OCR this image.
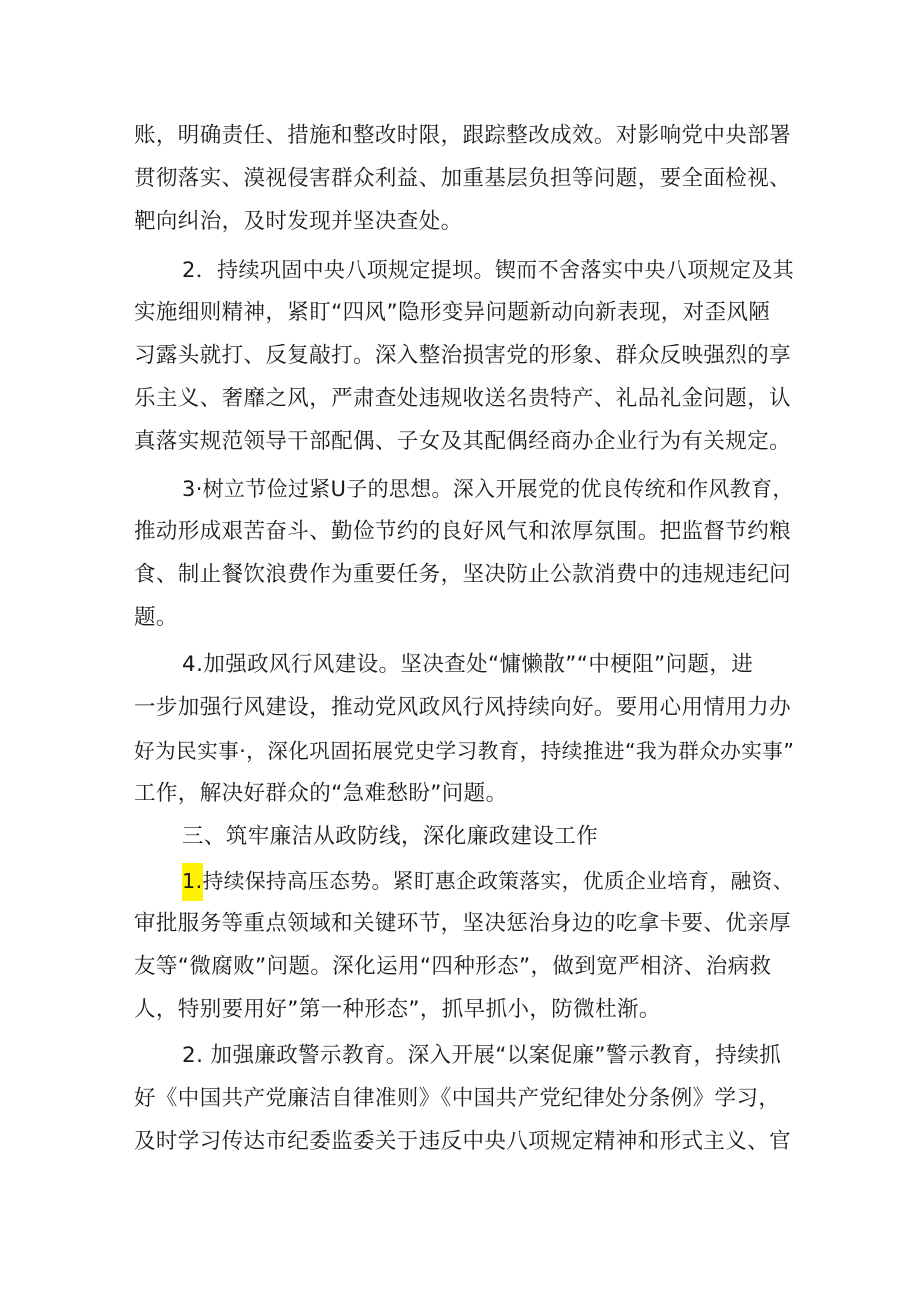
账，明确责任、措施和整改时限，跟踪整改成效。对影响党中央部署
贯彻落实、漠视侵害群众利益、加重基层负担等问题，要全面检视、
靶向纠治，及时发现并坚决查处。
2．持续巩固中央八项规定提坝。锲而不舍落实中央八项规定及其
实施细则精神，紧盯“四风”隐形变异问题新动向新表现，对歪风陋
习露头就打、反复敲打。深入整治损害党的形象、群众反映强烈的享
乐主义、奢靡之风，严肃查处违规收送名贵特产、礼品礼金问题，认
真落实规范领导干部配偶、子女及其配偶经商办企业行为有关规定。
3·树立节俭过紧U子的思想。深入开展党的优良传统和作风教育，
推动形成艰苦奋斗、勤俭节约的良好风气和浓厚氛围。把监督节约粮
食、制止餐饮浪费作为重要任务，坚决防止公款消费中的违规违纪问
题。
4.加强政风行风建设。坚决查处“慵懒散”“中梗阻”问题，进
一步加强行风建设，推动党风政风行风持续向好。要用心用情用力办
好为民实事·，深化巩固拓展党史学习教育，持续推进“我为群众办实事”
工作，解决好群众的“急难愁盼”问题。
三、筑牢廉洁从政防线，深化廉政建设工作
1.持续保持高压态势。紧盯惠企政策落实，优质企业培育，融资、
审批服务等重点领域和关键环节，坚决惩治身边的吃拿卡要、优亲厚
友等“微腐败”问题。深化运用“四种形态”，做到宽严相济、治病救
人，特别要用好”第一种形态”，抓早抓小，防微杜渐。
2. 加强廉政警示教育。深入开展“以案促廉”警示教育，持续抓
好《中国共产党廉洁自律准则》《中国共产党纪律处分条例》学习，
及时学习传达市纪委监委关于违反中央八项规定精神和形式主义、官
